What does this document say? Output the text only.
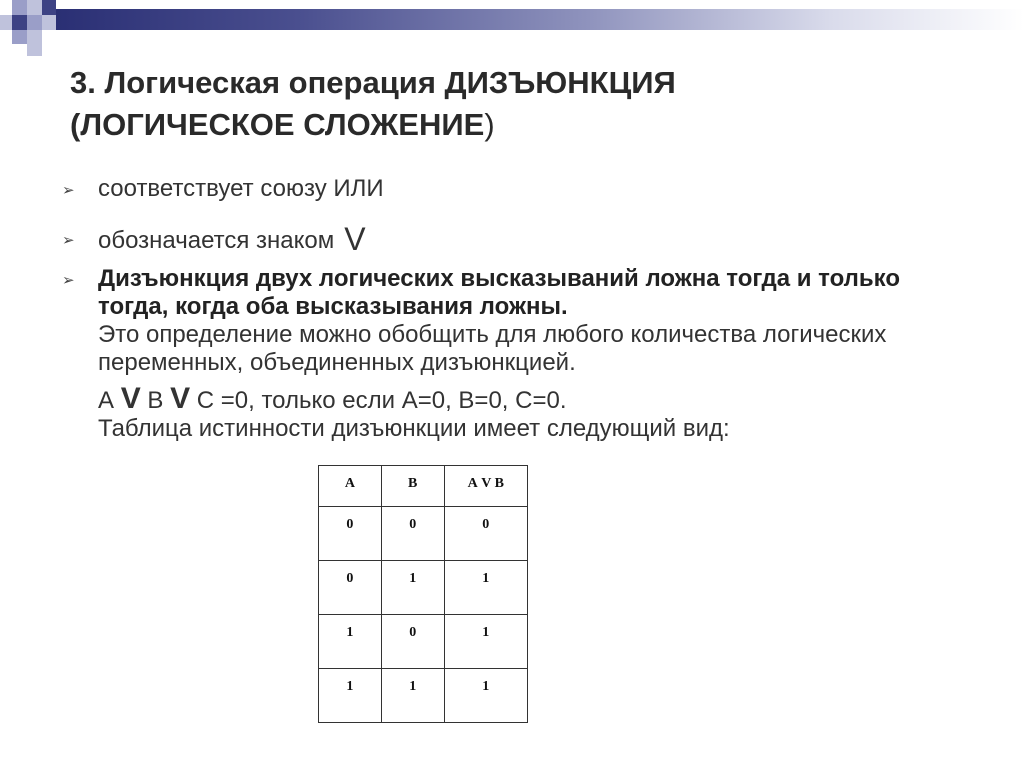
3. Логическая операция ДИЗЪЮНКЦИЯ
(ЛОГИЧЕСКОЕ СЛОЖЕНИЕ)
➢ соответствует союзу ИЛИ
➢ обозначается знаком V
➢ Дизъюнкция двух логических высказываний ложна тогда и только тогда, когда оба высказывания ложны.
Это определение можно обобщить для любого количества логических переменных, объединенных дизъюнкцией.
А V В V С =0, только если А=0, В=0, С=0.
Таблица истинности дизъюнкции имеет следующий вид:
А	В	А V В
0	0	0
0	1	1
1	0	1
1	1	1
